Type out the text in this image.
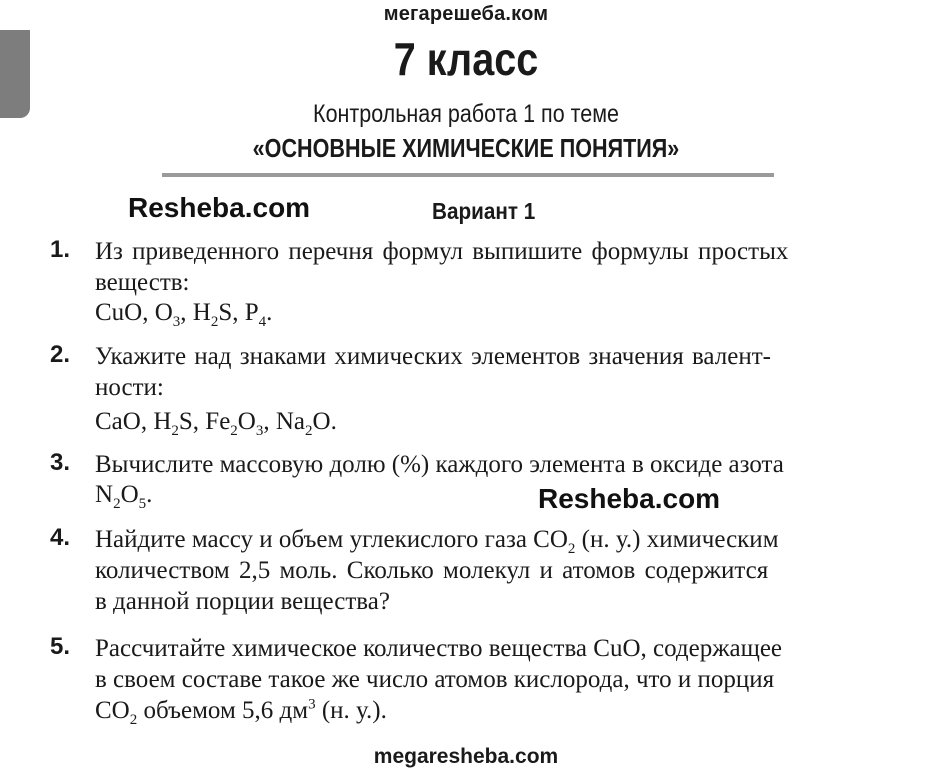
мегарешеба.ком
7 класс
Контрольная работа 1 по теме
«ОСНОВНЫЕ ХИМИЧЕСКИЕ ПОНЯТИЯ»
Resheba.com	Вариант 1
1. Из приведенного перечня формул выпишите формулы простых
веществ:
CuO, $O_3$, $H_2S$, $P_4$.
2. Укажите над знаками химических элементов значения валент-
ности:
CaO, $H_2S$, $Fe_2O_3$, $Na_2O$.
3. Вычислите массовую долю (%) каждого элемента в оксиде азота
$N_2O_5$.	Resheba.com
4. Найдите массу и объем углекислого газа $CO_2$ (н. у.) химическим
количеством 2,5 моль. Сколько молекул и атомов содержится
в данной порции вещества?
5. Рассчитайте химическое количество вещества CuO, содержащее
в своем составе такое же число атомов кислорода, что и порция
$CO_2$ объемом 5,6 $дм^3$ (н. у.).
megaresheba.com
